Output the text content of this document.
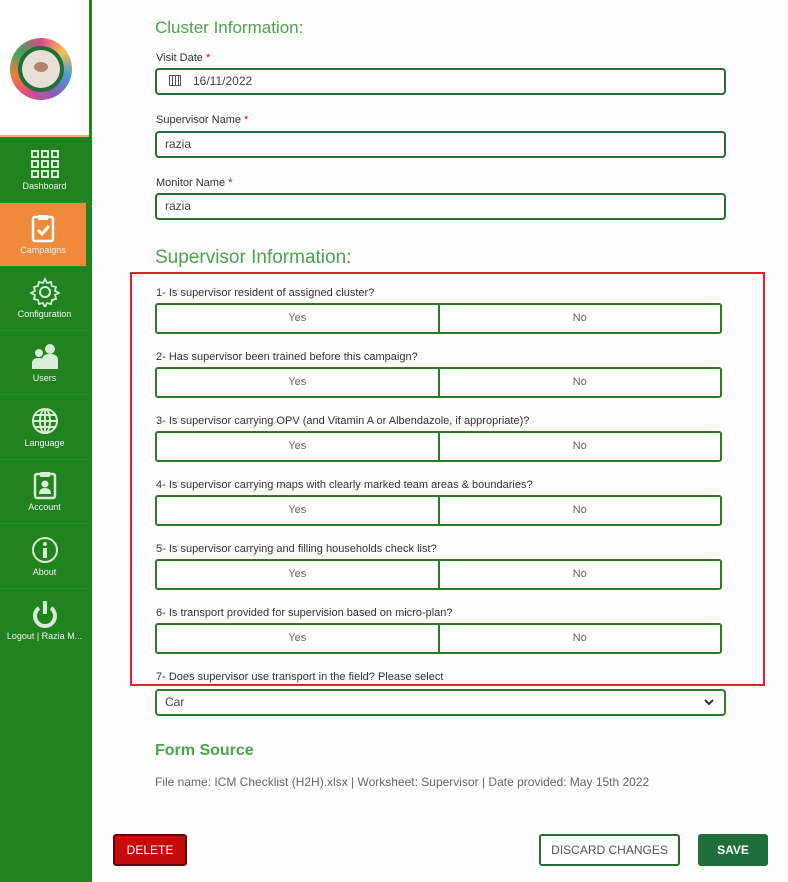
Dashboard
Campaigns
Configuration
Users
Language
Account
About
Logout | Razia M...
Cluster Information:
Visit Date *
16/11/2022
Supervisor Name *
razia
Monitor Name *
razia
Supervisor Information:
1- Is supervisor resident of assigned cluster?
Yes	No
2- Has supervisor been trained before this campaign?
Yes	No
3- Is supervisor carrying OPV (and Vitamin A or Albendazole, if appropriate)?
Yes	No
4- Is supervisor carrying maps with clearly marked team areas & boundaries?
Yes	No
5- Is supervisor carrying and filling households check list?
Yes	No
6- Is transport provided for supervision based on micro-plan?
Yes	No
7- Does supervisor use transport in the field? Please select
Car
Form Source
File name: ICM Checklist (H2H).xlsx | Worksheet: Supervisor | Date provided: May 15th 2022
DELETE	DISCARD CHANGES	SAVE
